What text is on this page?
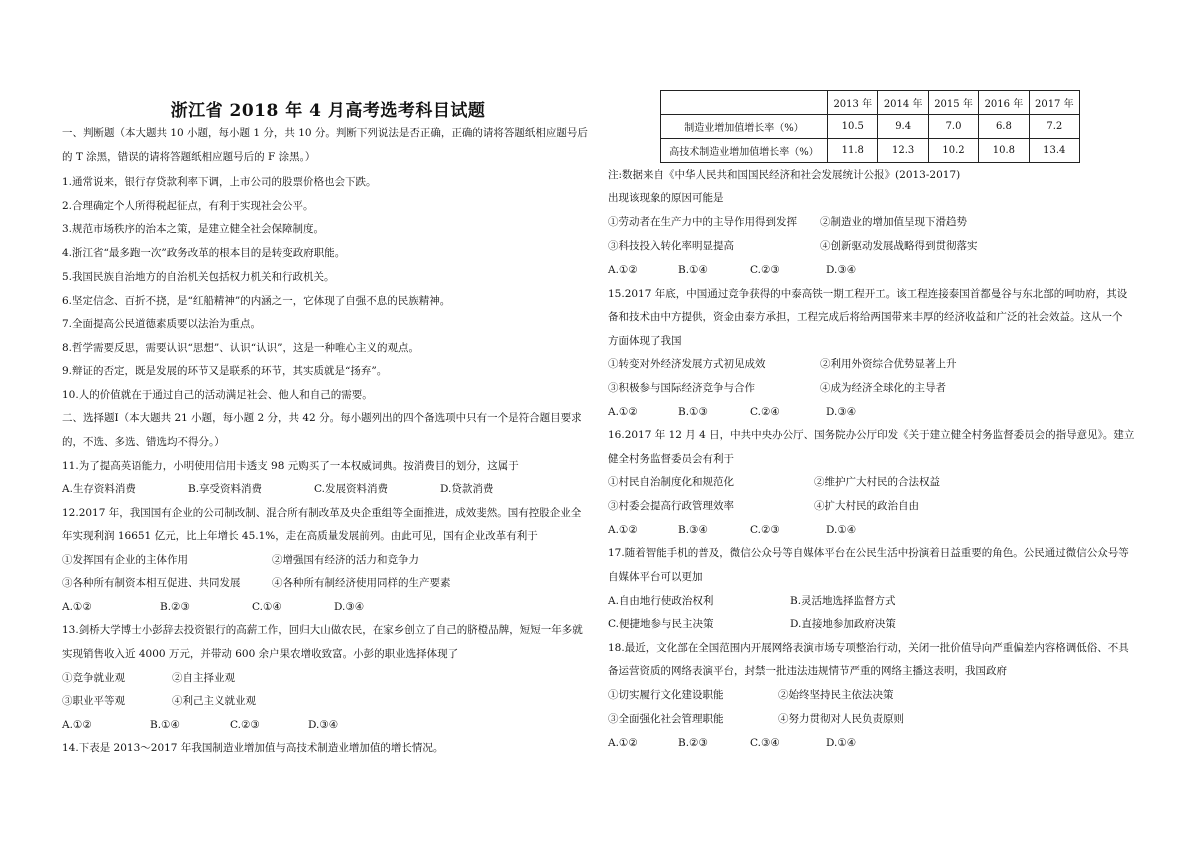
浙江省 2018 年 4 月高考选考科目试题
一、判断题（本大题共 10 小题，每小题 1 分，共 10 分。判断下列说法是否正确，正确的请将答题纸相应题号后
的 T 涂黑，错误的请将答题纸相应题号后的 F 涂黑。）
1.通常说来，银行存贷款利率下调，上市公司的股票价格也会下跌。
2.合理确定个人所得税起征点，有利于实现社会公平。
3.规范市场秩序的治本之策，是建立健全社会保障制度。
4.浙江省“最多跑一次”政务改革的根本目的是转变政府职能。
5.我国民族自治地方的自治机关包括权力机关和行政机关。
6.坚定信念、百折不挠，是“红船精神”的内涵之一，它体现了自强不息的民族精神。
7.全面提高公民道德素质要以法治为重点。
8.哲学需要反思，需要认识“思想”、认识“认识”，这是一种唯心主义的观点。
9.辩证的否定，既是发展的环节又是联系的环节，其实质就是“扬弃”。
10.人的价值就在于通过自己的活动满足社会、他人和自己的需要。
二、选择题Ⅰ（本大题共 21 小题，每小题 2 分，共 42 分。每小题列出的四个备选项中只有一个是符合题目要求
的，不选、多选、错选均不得分。）
11.为了提高英语能力，小明使用信用卡透支 98 元购买了一本权威词典。按消费目的划分，这属于
A.生存资料消费	B.享受资料消费	C.发展资料消费	D.贷款消费
12.2017 年，我国国有企业的公司制改制、混合所有制改革及央企重组等全面推进，成效斐然。国有控股企业全
年实现利润 16651 亿元，比上年增长 45.1%，走在高质量发展前列。由此可见，国有企业改革有利于
①发挥国有企业的主体作用	②增强国有经济的活力和竞争力
③各种所有制资本相互促进、共同发展	④各种所有制经济使用同样的生产要素
A.①②	B.②③	C.①④	D.③④
13.剑桥大学博士小彭辞去投资银行的高薪工作，回归大山做农民，在家乡创立了自己的脐橙品牌，短短一年多就
实现销售收入近 4000 万元，并带动 600 余户果农增收致富。小彭的职业选择体现了
①竞争就业观	②自主择业观
③职业平等观	④利己主义就业观
A.①②	B.①④	C.②③	D.③④
14.下表是 2013～2017 年我国制造业增加值与高技术制造业增加值的增长情况。
	2013 年	2014 年	2015 年	2016 年	2017 年
制造业增加值增长率（%）	10.5	9.4	7.0	6.8	7.2
高技术制造业增加值增长率（%）	11.8	12.3	10.2	10.8	13.4
注:数据来自《中华人民共和国国民经济和社会发展统计公报》(2013-2017)
出现该现象的原因可能是
①劳动者在生产力中的主导作用得到发挥 ②制造业的增加值呈现下滑趋势
③科技投入转化率明显提高	④创新驱动发展战略得到贯彻落实
A.①②	B.①④	C.②③	D.③④
15.2017 年底，中国通过竞争获得的中泰高铁一期工程开工。该工程连接泰国首都曼谷与东北部的呵叻府，其设
备和技术由中方提供，资金由泰方承担，工程完成后将给两国带来丰厚的经济收益和广泛的社会效益。这从一个
方面体现了我国
①转变对外经济发展方式初见成效	②利用外资综合优势显著上升
③积极参与国际经济竞争与合作	④成为经济全球化的主导者
A.①②	B.①③	C.②④	D.③④
16.2017 年 12 月 4 日，中共中央办公厅、国务院办公厅印发《关于建立健全村务监督委员会的指导意见》。建立
健全村务监督委员会有利于
①村民自治制度化和规范化	②维护广大村民的合法权益
③村委会提高行政管理效率	④扩大村民的政治自由
A.①②	B.③④	C.②③	D.①④
17.随着智能手机的普及，微信公众号等自媒体平台在公民生活中扮演着日益重要的角色。公民通过微信公众号等
自媒体平台可以更加
A.自由地行使政治权利	B.灵活地选择监督方式
C.便捷地参与民主决策	D.直接地参加政府决策
18.最近，文化部在全国范围内开展网络表演市场专项整治行动，关闭一批价值导向严重偏差内容格调低俗、不具
备运营资质的网络表演平台，封禁一批违法违规情节严重的网络主播这表明，我国政府
①切实履行文化建设职能	②始终坚持民主依法决策
③全面强化社会管理职能	④努力贯彻对人民负责原则
A.①②	B.②③	C.③④	D.①④
